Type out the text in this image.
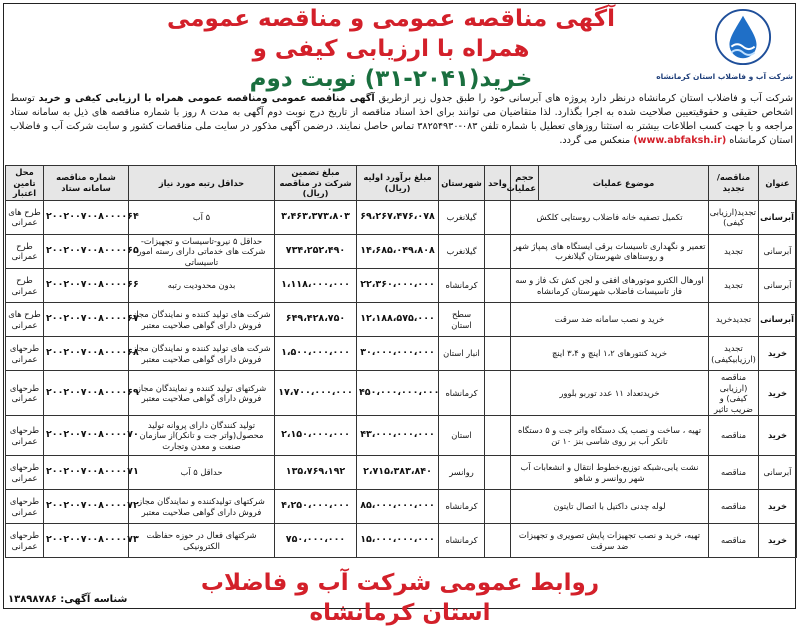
شرکت آب و فاضلاب استان کرمانشاه
آگهی مناقصه عمومی و مناقصه عمومی همراه با ارزیابی کیفی و
خرید(۲۰۴۱-۳۱) نوبت دوم
شرکت آب و فاضلاب استان کرمانشاه درنظر دارد پروژه های آبرسانی خود را طبق جدول زیر ازطریق آگهی مناقصه عمومی ومناقصه عمومی همراه با ارزیابی کیفی و خرید توسط اشخاص حقیقی و حقوقیتعیین صلاحیت شده به اجرا بگذارد. لذا متقاضیان می توانند برای اخذ اسناد مناقصه از تاریخ درج نوبت دوم آگهی به مدت ۸ روز با شماره مناقصه های ذیل به سامانه ستاد مراجعه و یا جهت کسب اطلاعات بیشتر به استثنا روزهای تعطیل با شماره تلفن ۰۸۳-۳۸۲۵۴۹۳۰ تماس حاصل نمایند. درضمن آگهی مذکور در سایت ملی مناقصات کشور و سایت شرکت آب و فاضلاب استان کرمانشاه (www.abfaksh.ir) منعکس می گردد.
عنوان	مناقصه/ تجدید	موضوع عملیات	حجم عملیات	واحد	شهرستان	مبلغ برآورد اولیه (ریال)	مبلغ تضمین شرکت در مناقصه (ریال)	حداقل رتبه مورد نیاز	شماره مناقصه سامانه ستاد	محل تامین اعتبار
آبرسانی	تجدید(ارزیابی کیفی)	تکمیل تصفیه خانه فاضلاب روستایی کلکش			گیلانغرب	۶۹،۲۶۷،۴۷۶،۰۷۸	۳،۴۶۳،۳۷۳،۸۰۳	۵ آب	۲۰۰۲۰۰۷۰۰۸۰۰۰۰۶۴	طرح های عمرانی
آبرسانی	تجدید	تعمیر و نگهداری تاسیسات برقی ایستگاه های پمپاژ شهر و روستاهای شهرستان گیلانغرب			گیلانغرب	۱۴،۶۸۵،۰۴۹،۸۰۸	۷۳۴،۲۵۲،۴۹۰	حداقل ۵ نیرو-تاسیسات و تجهیزات- شرکت های خدماتی دارای رسته امور تاسیساتی	۲۰۰۲۰۰۷۰۰۸۰۰۰۰۶۵	طرح عمرانی
آبرسانی	تجدید	اورهال الکترو موتورهای افقی و لجن کش تک فاز و سه فاز تاسیسات فاضلاب شهرستان کرمانشاه			کرمانشاه	۲۲،۳۶۰،۰۰۰،۰۰۰	۱،۱۱۸،۰۰۰،۰۰۰	بدون محدودیت رتبه	۲۰۰۲۰۰۷۰۰۸۰۰۰۰۶۶	طرح عمرانی
آبرسانی	تجدیدخرید	خرید و نصب سامانه ضد سرقت			سطح استان	۱۲،۱۸۸،۵۷۵،۰۰۰	۶۴۹،۴۲۸،۷۵۰	شرکت های تولید کننده و نمایندگان مجاز فروش دارای گواهی صلاحیت معتبر	۲۰۰۲۰۰۷۰۰۸۰۰۰۰۶۷	طرح های عمرانی
خرید	تجدید (ارزیابیکیفی)	خرید کنتورهای ۱،۲ اینچ و ۳،۴ اینچ			انبار استان	۳۰،۰۰۰،۰۰۰،۰۰۰	۱،۵۰۰،۰۰۰،۰۰۰	شرکت های تولید کننده و نمایندگان مجاز فروش دارای گواهی صلاحیت معتبر	۲۰۰۲۰۰۷۰۰۸۰۰۰۰۶۸	طرحهای عمرانی
خرید	مناقصه (ارزیابی کیفی) و ضریب تاثیر	خریدتعداد ۱۱ عدد توربو بلوور			کرمانشاه	۴۵۰،۰۰۰،۰۰۰،۰۰۰	۱۷،۷۰۰،۰۰۰،۰۰۰	شرکتهای تولید کننده و نمایندگان مجاز فروش دارای گواهی صلاحیت معتبر	۲۰۰۲۰۰۷۰۰۸۰۰۰۰۶۹	طرحهای عمرانی
خرید	مناقصه	تهیه ، ساخت و نصب یک دستگاه واتر جت و ۵ دستگاه تانکر آب بر روی شاسی بنز ۱۰ تن			استان	۴۳،۰۰۰،۰۰۰،۰۰۰	۲،۱۵۰،۰۰۰،۰۰۰	تولید کنندگان دارای پروانه تولید محصول(واتر جت و تانکر)از سازمان صنعت و معدن وتجارت	۲۰۰۲۰۰۷۰۰۸۰۰۰۰۷۰	طرحهای عمرانی
آبرسانی	مناقصه	نشت یابی،شبکه توزیع،خطوط انتقال و انشعابات آب شهر روانسر و شاهو			روانسر	۲،۷۱۵،۳۸۳،۸۴۰	۱۳۵،۷۶۹،۱۹۲	حداقل ۵ آب	۲۰۰۲۰۰۷۰۰۸۰۰۰۰۷۱	طرحهای عمرانی
خرید	مناقصه	لوله چدنی داکتیل با اتصال تایتون			کرمانشاه	۸۵،۰۰۰،۰۰۰،۰۰۰	۴،۲۵۰،۰۰۰،۰۰۰	شرکتهای تولیدکننده و نمایندگان مجاز فروش دارای گواهی صلاحیت معتبر	۲۰۰۲۰۰۷۰۰۸۰۰۰۰۷۲	طرحهای عمرانی
خرید	مناقصه	تهیه، خرید و نصب تجهیزات پایش تصویری و تجهیزات ضد سرقت			کرمانشاه	۱۵،۰۰۰،۰۰۰،۰۰۰	۷۵۰،۰۰۰،۰۰۰	شرکتهای فعال در حوزه حفاظت الکترونیکی	۲۰۰۲۰۰۷۰۰۸۰۰۰۰۷۳	طرحهای عمرانی
روابط عمومی شرکت آب و فاضلاب استان کرمانشاه
شناسه آگهی: ۱۳۸۹۸۷۸۶
